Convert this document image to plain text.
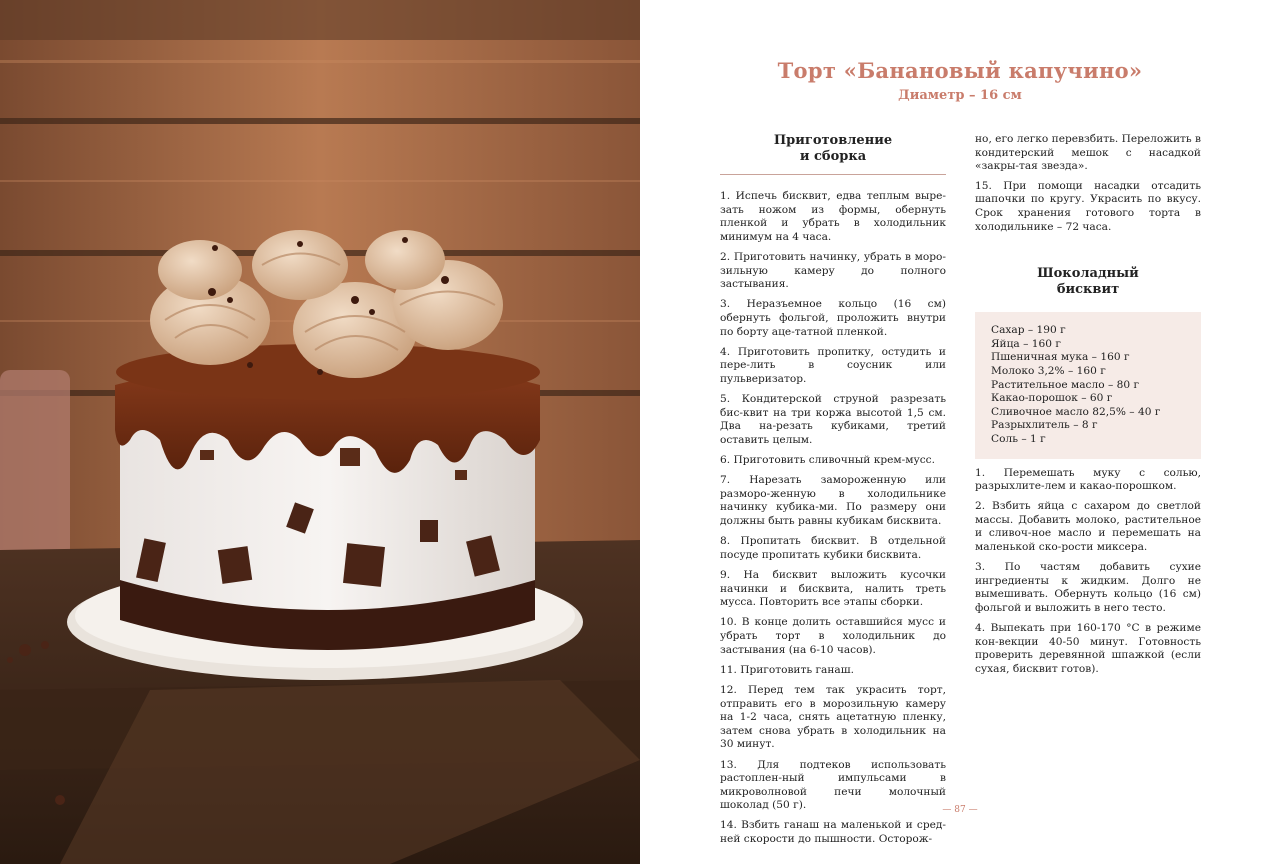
Торт «Банановый капучино»
Диаметр – 16 см
Приготовление
и сборка

1. Испечь бисквит, едва теплым выре-зать ножом из формы, обернуть пленкой и убрать в холодильник минимум на 4 часа.

2. Приготовить начинку, убрать в моро-зильную камеру до полного застывания.

3. Неразъемное кольцо (16 см) обернуть фольгой, проложить внутри по борту аце-татной пленкой.

4. Приготовить пропитку, остудить и пере-лить в соусник или пульверизатор.

5. Кондитерской струной разрезать бис-квит на три коржа высотой 1,5 см. Два на-резать кубиками, третий оставить целым.

6. Приготовить сливочный крем-мусс.

7. Нарезать замороженную или разморо-женную в холодильнике начинку кубика-ми. По размеру они должны быть равны кубикам бисквита.

8. Пропитать бисквит. В отдельной посуде пропитать кубики бисквита.

9. На бисквит выложить кусочки начинки и бисквита, налить треть мусса. Повторить все этапы сборки.

10. В конце долить оставшийся мусс и убрать торт в холодильник до застывания (на 6-10 часов).

11. Приготовить ганаш.

12. Перед тем так украсить торт, отправить его в морозильную камеру на 1-2 часа, снять ацетатную пленку, затем снова убрать в холодильник на 30 минут.

13. Для подтеков использовать растоплен-ный импульсами в микроволновой печи молочный шоколад (50 г).

14. Взбить ганаш на маленькой и сред-ней скорости до пышности. Осторож-

но, его легко перевзбить. Переложить в кондитерский мешок с насадкой «закры-тая звезда».

15. При помощи насадки отсадить шапочки по кругу. Украсить по вкусу. Срок хранения готового торта в холодильнике – 72 часа.

Шоколадный
бисквит
Сахар – 190 г
Яйца – 160 г
Пшеничная мука – 160 г
Молоко 3,2% – 160 г
Растительное масло – 80 г
Какао-порошок – 60 г
Сливочное масло 82,5% – 40 г
Разрыхлитель – 8 г
Соль – 1 г

1. Перемешать муку с солью, разрыхлите-лем и какао-порошком.

2. Взбить яйца с сахаром до светлой массы. Добавить молоко, растительное и сливоч-ное масло и перемешать на маленькой ско-рости миксера.

3. По частям добавить сухие ингредиенты к жидким. Долго не вымешивать. Обернуть кольцо (16 см) фольгой и выложить в него тесто.

4. Выпекать при 160-170 °С в режиме кон-векции 40-50 минут. Готовность проверить деревянной шпажкой (если сухая, бисквит готов).

— 87 —
